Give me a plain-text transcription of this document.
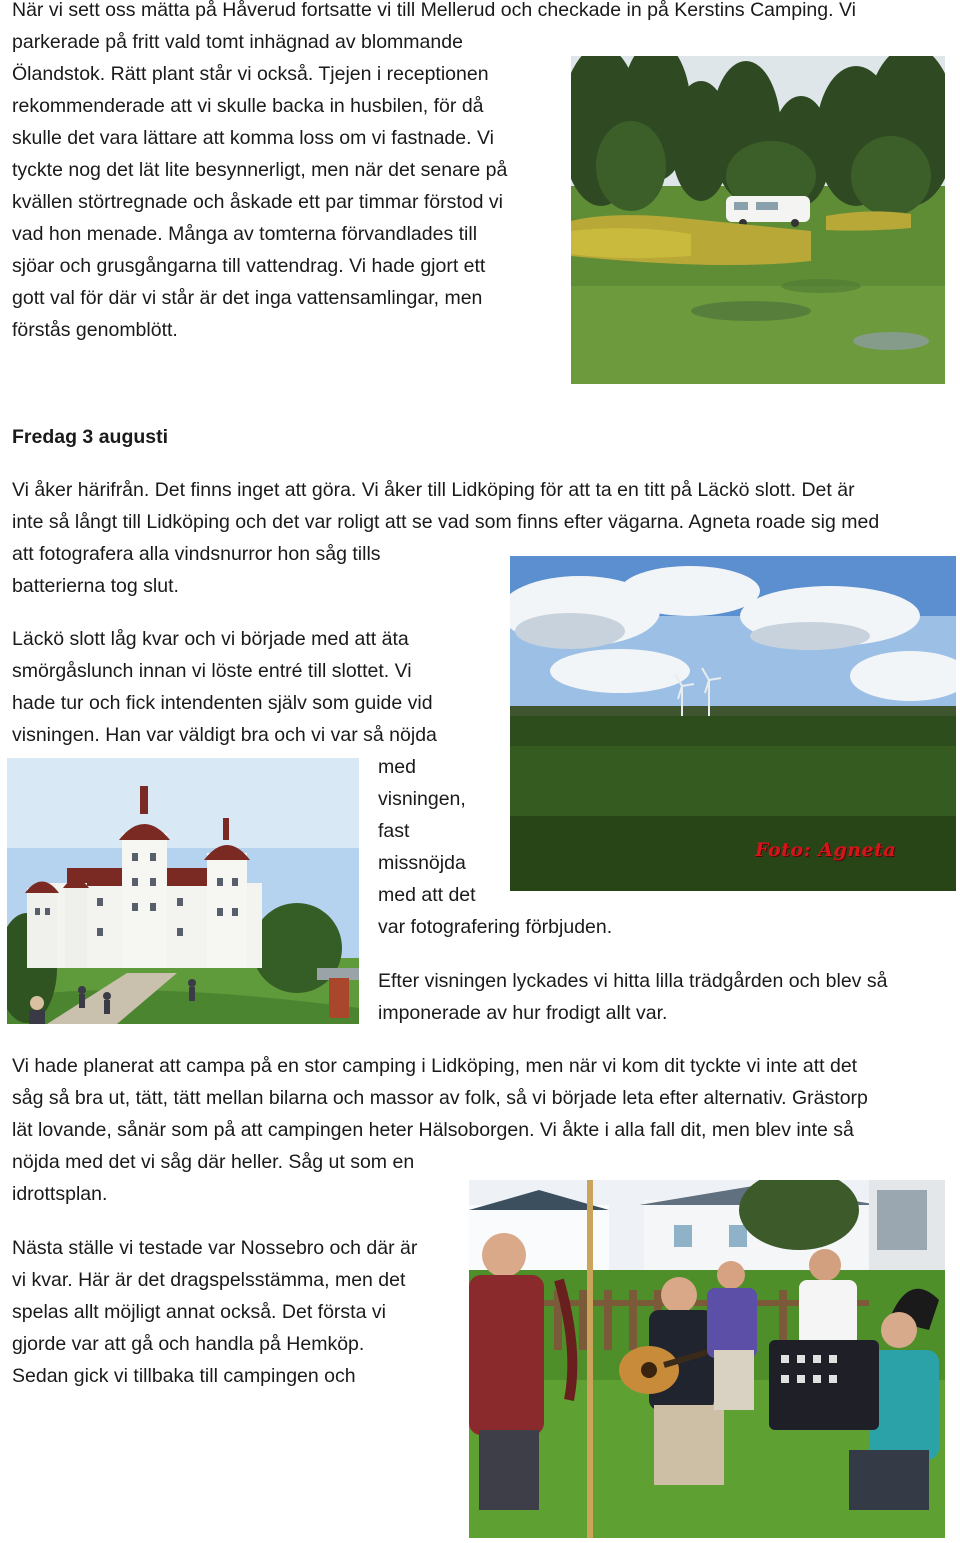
När vi sett oss mätta på Håverud fortsatte vi till Mellerud och checkade in på Kerstins Camping. Vi

parkerade på fritt vald tomt inhägnad av blommande

Ölandstok. Rätt plant står vi också. Tjejen i receptionen

rekommenderade att vi skulle backa in husbilen, för då

skulle det vara lättare att komma loss om vi fastnade. Vi

tyckte nog det lät lite besynnerligt, men när det senare på

kvällen störtregnade och åskade ett par timmar förstod vi

vad hon menade. Många av tomterna förvandlades till

sjöar och grusgångarna till vattendrag. Vi hade gjort ett

gott val för där vi står är det inga vattensamlingar, men

förstås genomblött.

Fredag 3 augusti

Vi åker härifrån. Det finns inget att göra. Vi åker till Lidköping för att ta en titt på Läckö slott. Det är

inte så långt till Lidköping och det var roligt att se vad som finns efter vägarna. Agneta roade sig med

att fotografera alla vindsnurror hon såg tills

batterierna tog slut.

Läckö slott låg kvar och vi började med att äta

smörgåslunch innan vi löste entré till slottet. Vi

hade tur och fick intendenten själv som guide vid

visningen. Han var väldigt bra och vi var så nöjda

med

visningen,

fast

missnöjda

med att det

var fotografering förbjuden.

Efter visningen lyckades vi hitta lilla trädgården och blev så

imponerade av hur frodigt allt var.

Vi hade planerat att campa på en stor camping i Lidköping, men när vi kom dit tyckte vi inte att det

såg så bra ut, tätt, tätt mellan bilarna och massor av folk, så vi började leta efter alternativ. Grästorp

lät lovande, sånär som på att campingen heter Hälsoborgen. Vi åkte i alla fall dit, men blev inte så

nöjda med det vi såg där heller. Såg ut som en

idrottsplan.

Nästa ställe vi testade var Nossebro och där är

vi kvar. Här är det dragspelsstämma, men det

spelas allt möjligt annat också. Det första vi

gjorde var att gå och handla på Hemköp.

Sedan gick vi tillbaka till campingen och

Foto: Agneta
